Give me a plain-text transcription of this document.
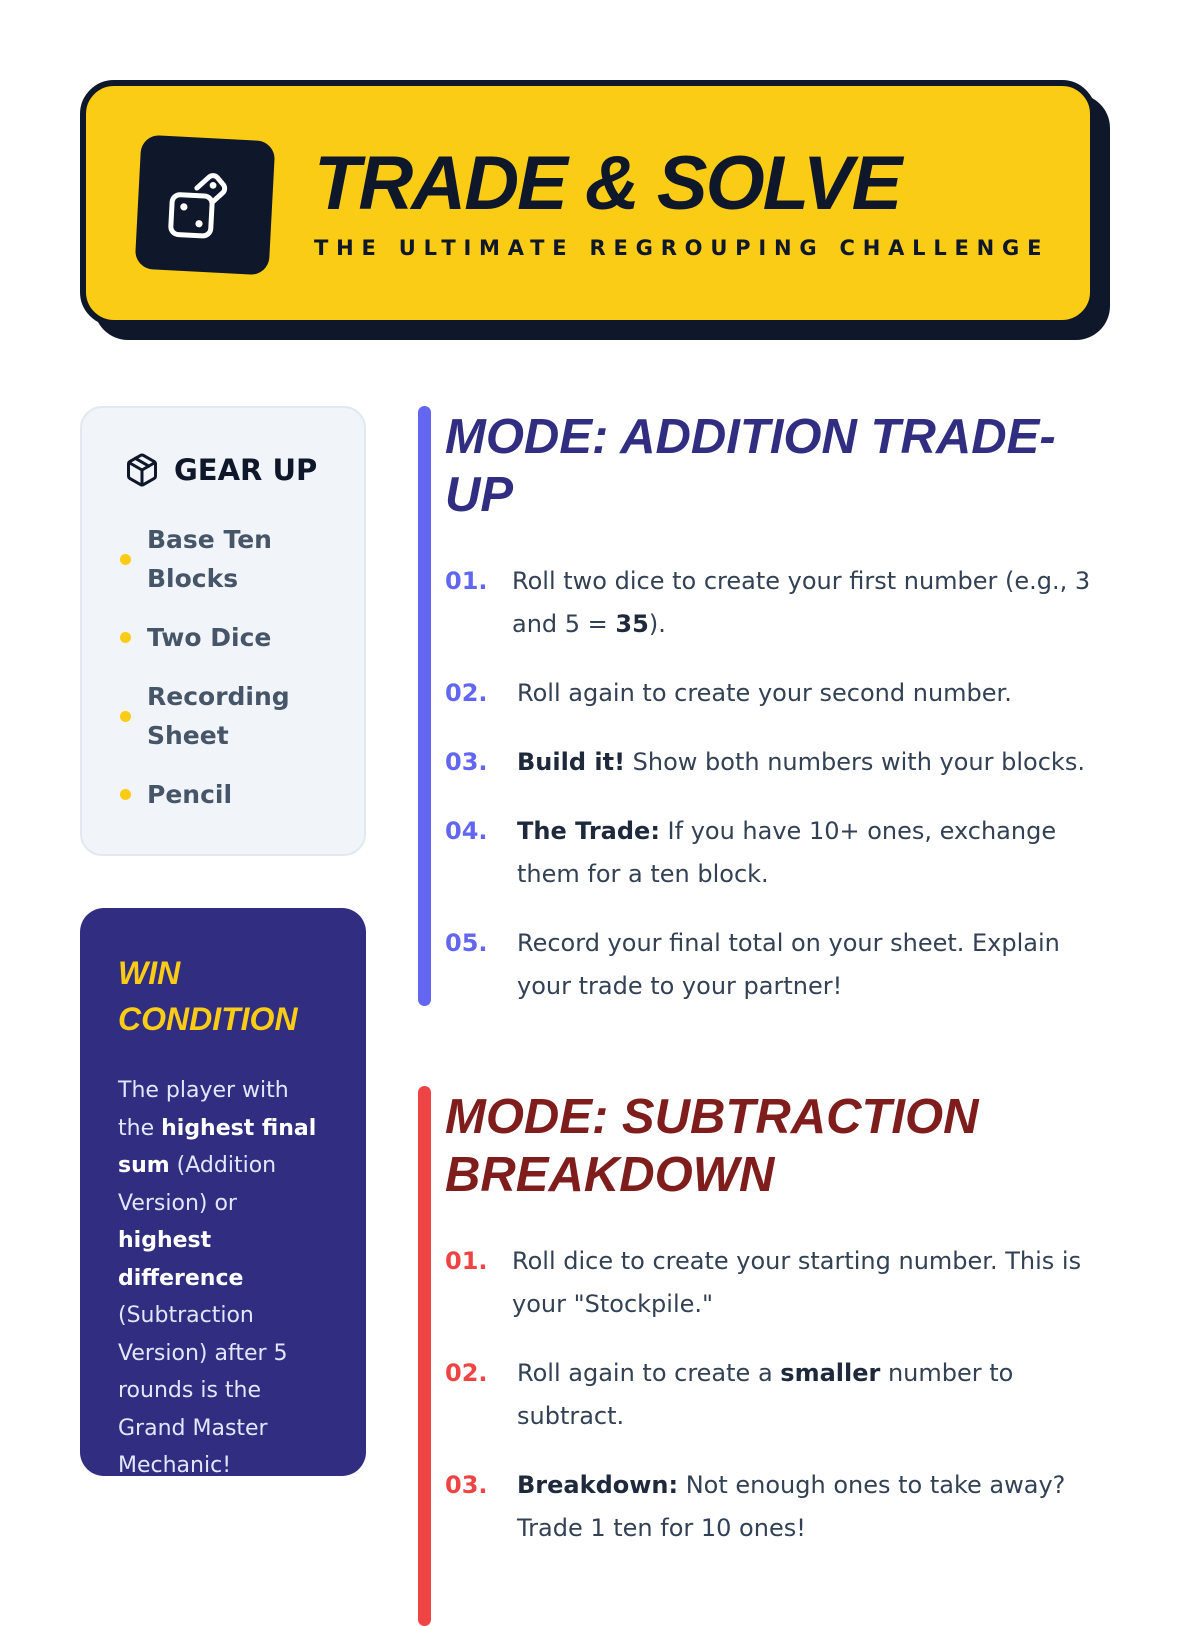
TRADE & SOLVE
THE ULTIMATE REGROUPING CHALLENGE
GEAR UP
Base Ten Blocks
Two Dice
Recording Sheet
Pencil
WIN CONDITION

The player with the highest final sum (Addition Version) or highest difference (Subtraction Version) after 5 rounds is the Grand Master Mechanic!

MODE: ADDITION TRADE-UP
01.	Roll two dice to create your first number (e.g., 3 and 5 = 35).
02.	Roll again to create your second number.
03.	Build it! Show both numbers with your blocks.
04.	The Trade: If you have 10+ ones, exchange them for a ten block.
05.	Record your final total on your sheet. Explain your trade to your partner!
MODE: SUBTRACTION BREAKDOWN
01.	Roll dice to create your starting number. This is your "Stockpile."
02.	Roll again to create a smaller number to subtract.
03.	Breakdown: Not enough ones to take away? Trade 1 ten for 10 ones!
